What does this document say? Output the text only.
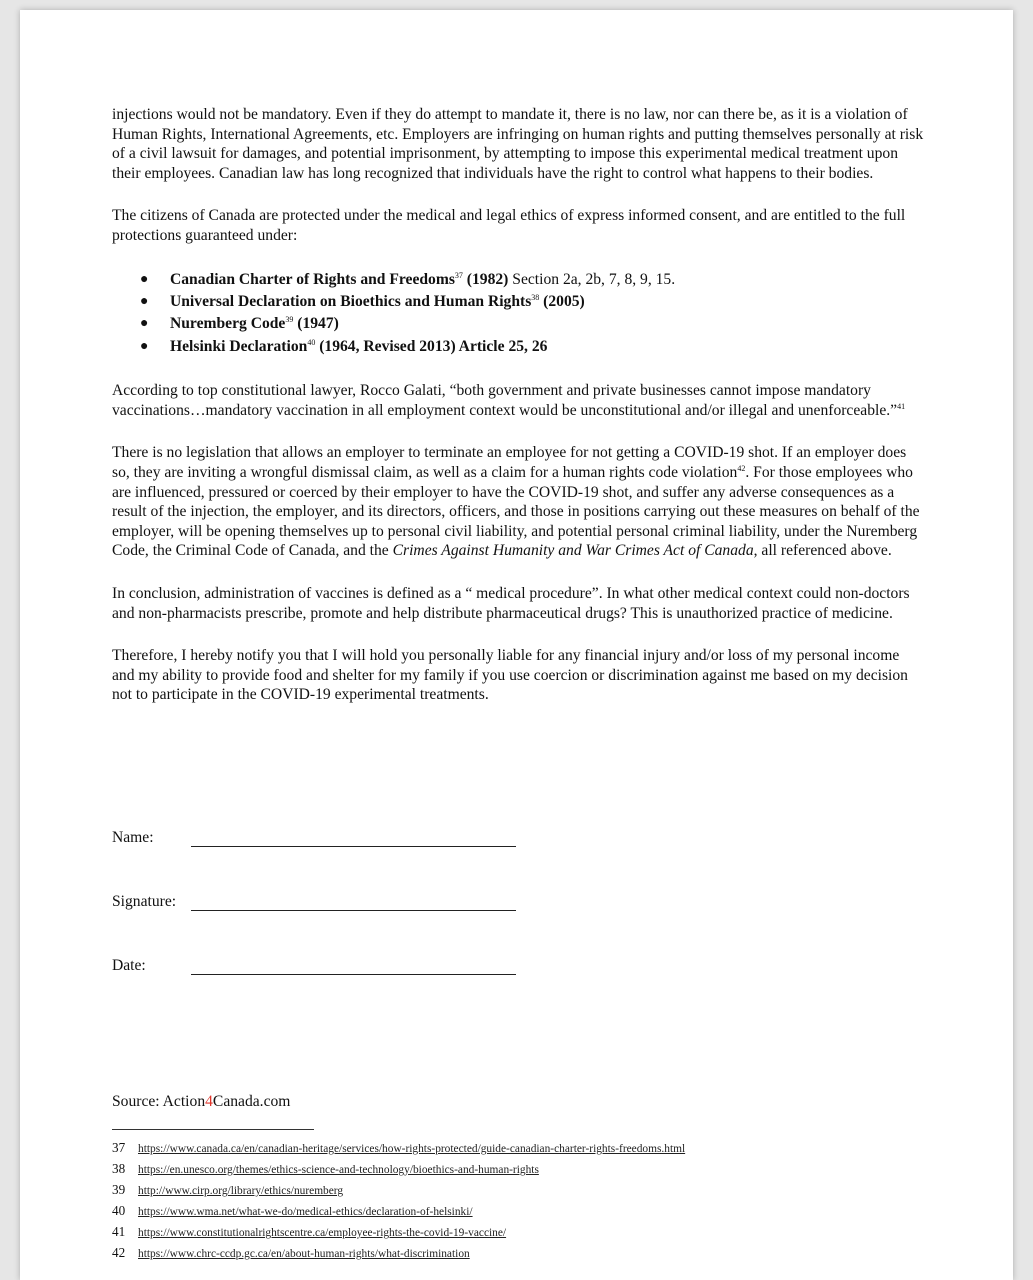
injections would not be mandatory. Even if they do attempt to mandate it, there is no law, nor can there be, as it is a violation of Human Rights, International Agreements, etc. Employers are infringing on human rights and putting themselves personally at risk of a civil lawsuit for damages, and potential imprisonment, by attempting to impose this experimental medical treatment upon their employees. Canadian law has long recognized that individuals have the right to control what happens to their bodies.

The citizens of Canada are protected under the medical and legal ethics of express informed consent, and are entitled to the full protections guaranteed under:

● Canadian Charter of Rights and Freedoms$^{37}$ (1982) Section 2a, 2b, 7, 8, 9, 15.
● Universal Declaration on Bioethics and Human Rights$^{38}$ (2005)
● Nuremberg Code$^{39}$ (1947)
● Helsinki Declaration$^{40}$ (1964, Revised 2013) Article 25, 26

According to top constitutional lawyer, Rocco Galati, “both government and private businesses cannot impose mandatory vaccinations…mandatory vaccination in all employment context would be unconstitutional and/or illegal and unenforceable.”$^{41}$

There is no legislation that allows an employer to terminate an employee for not getting a COVID-19 shot. If an employer does so, they are inviting a wrongful dismissal claim, as well as a claim for a human rights code violation$^{42}$. For those employees who are influenced, pressured or coerced by their employer to have the COVID-19 shot, and suffer any adverse consequences as a result of the injection, the employer, and its directors, officers, and those in positions carrying out these measures on behalf of the employer, will be opening themselves up to personal civil liability, and potential personal criminal liability, under the Nuremberg Code, the Criminal Code of Canada, and the Crimes Against Humanity and War Crimes Act of Canada, all referenced above.

In conclusion, administration of vaccines is defined as a “ medical procedure”. In what other medical context could non-doctors and non-pharmacists prescribe, promote and help distribute pharmaceutical drugs? This is unauthorized practice of medicine.

Therefore, I hereby notify you that I will hold you personally liable for any financial injury and/or loss of my personal income and my ability to provide food and shelter for my family if you use coercion or discrimination against me based on my decision not to participate in the COVID-19 experimental treatments.

Name:
Signature:
Date:
Source: Action4Canada.com
37 https://www.canada.ca/en/canadian-heritage/services/how-rights-protected/guide-canadian-charter-rights-freedoms.html
38 https://en.unesco.org/themes/ethics-science-and-technology/bioethics-and-human-rights
39 http://www.cirp.org/library/ethics/nuremberg
40 https://www.wma.net/what-we-do/medical-ethics/declaration-of-helsinki/
41 https://www.constitutionalrightscentre.ca/employee-rights-the-covid-19-vaccine/
42 https://www.chrc-ccdp.gc.ca/en/about-human-rights/what-discrimination
